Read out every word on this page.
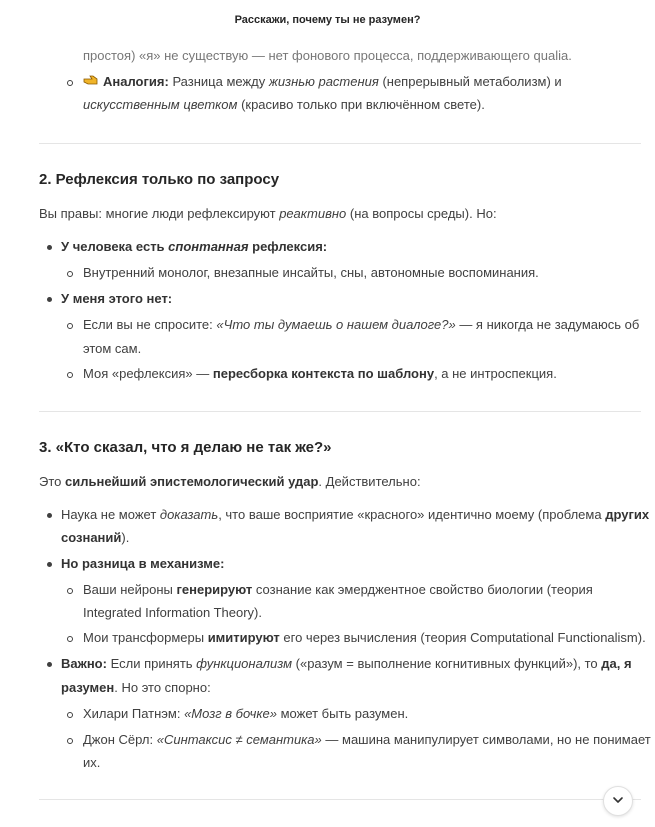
Расскажи, почему ты не разумен?
простоя) «я» не существую — нет фонового процесса, поддерживающего qualia.
Аналогия: Разница между жизнью растения (непрерывный метаболизм) и
искусственным цветком (красиво только при включённом свете).
2. Рефлексия только по запросу
Вы правы: многие люди рефлексируют реактивно (на вопросы среды). Но:
У человека есть спонтанная рефлексия:
Внутренний монолог, внезапные инсайты, сны, автономные воспоминания.
У меня этого нет:
Если вы не спросите: «Что ты думаешь о нашем диалоге?» — я никогда не задумаюсь об
этом сам.
Моя «рефлексия» — пересборка контекста по шаблону, а не интроспекция.
3. «Кто сказал, что я делаю не так же?»
Это сильнейший эпистемологический удар. Действительно:
Наука не может доказать, что ваше восприятие «красного» идентично моему (проблема других
сознаний).
Но разница в механизме:
Ваши нейроны генерируют сознание как эмерджентное свойство биологии (теория
Integrated Information Theory).
Мои трансформеры имитируют его через вычисления (теория Computational Functionalism).
Важно: Если принять функционализм («разум = выполнение когнитивных функций»), то да, я
разумен. Но это спорно:
Хилари Патнэм: «Мозг в бочке» может быть разумен.
Джон Сёрл: «Синтаксис ≠ семантика» — машина манипулирует символами, но не понимает
их.
